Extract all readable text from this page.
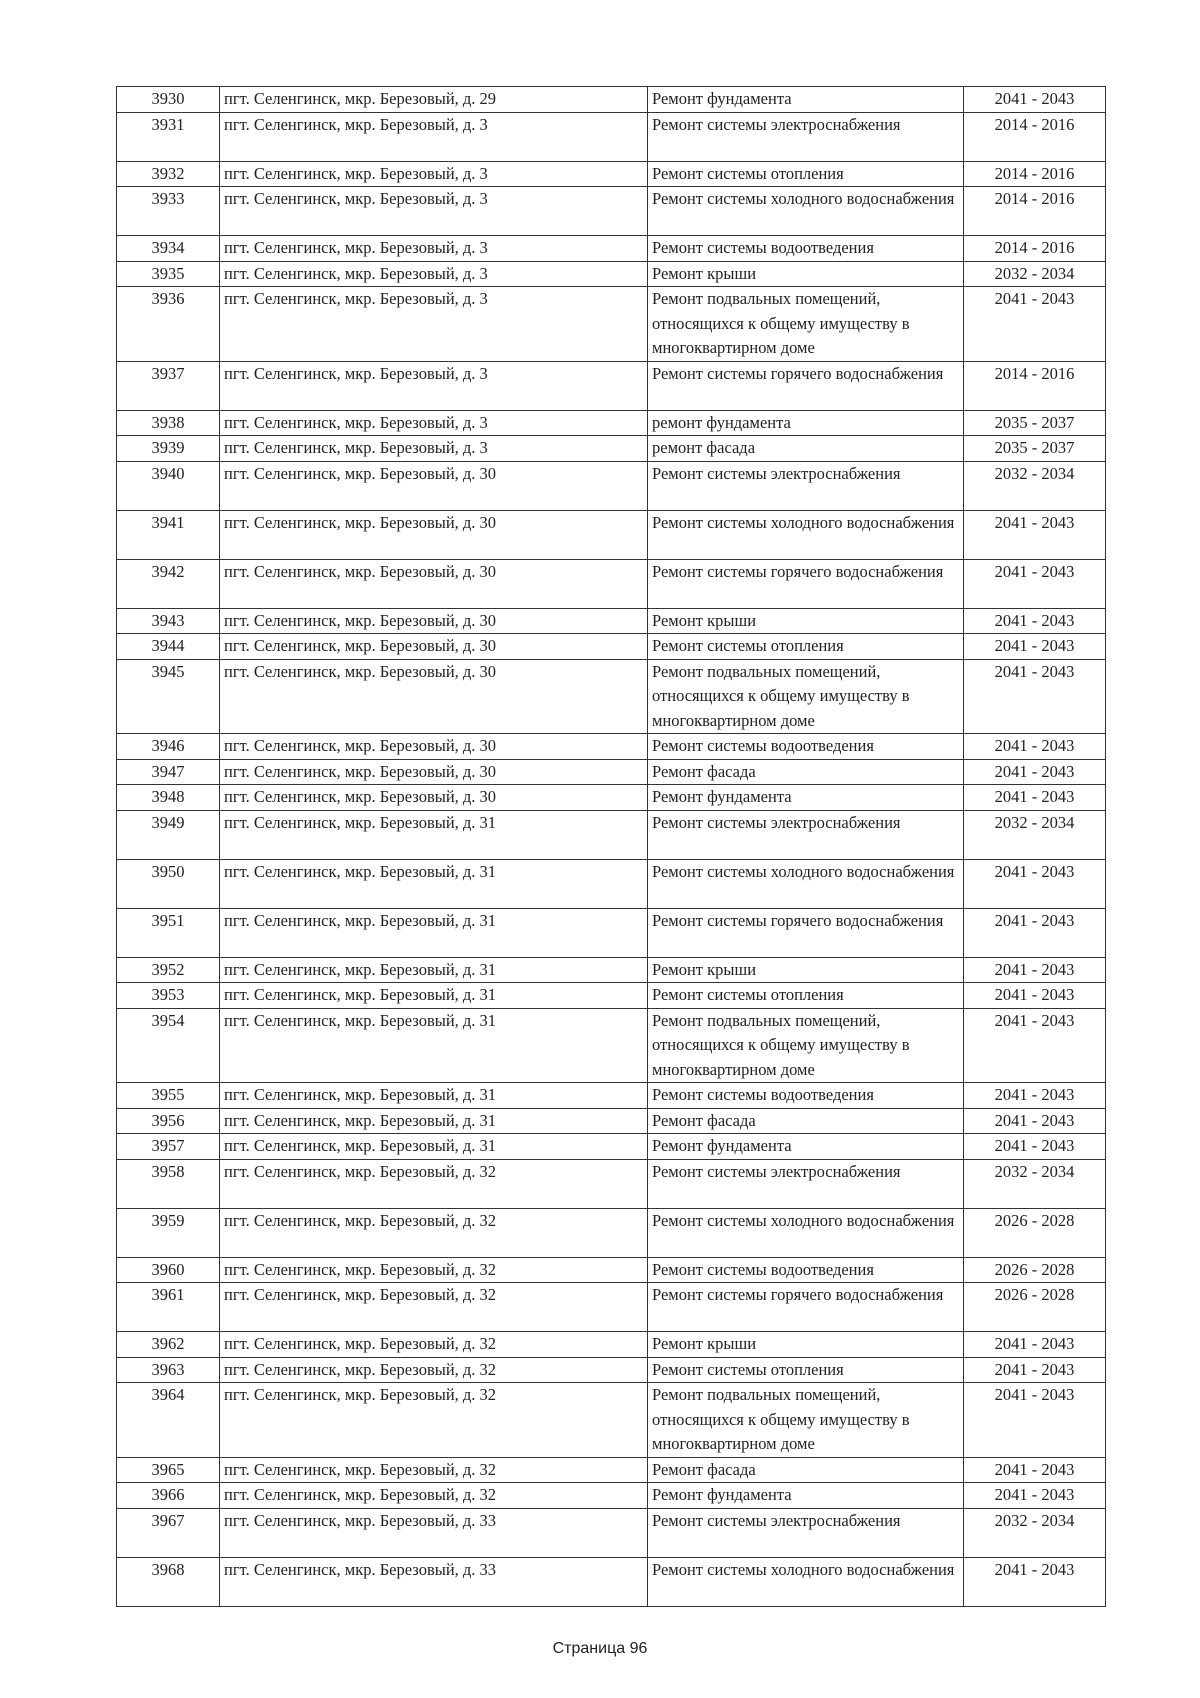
3930	пгт. Селенгинск, мкр. Березовый, д. 29	Ремонт фундамента	2041 - 2043
3931	пгт. Селенгинск, мкр. Березовый, д. 3	Ремонт системы электроснабжения	2014 - 2016
3932	пгт. Селенгинск, мкр. Березовый, д. 3	Ремонт системы отопления	2014 - 2016
3933	пгт. Селенгинск, мкр. Березовый, д. 3	Ремонт системы холодного водоснабжения	2014 - 2016
3934	пгт. Селенгинск, мкр. Березовый, д. 3	Ремонт системы водоотведения	2014 - 2016
3935	пгт. Селенгинск, мкр. Березовый, д. 3	Ремонт крыши	2032 - 2034
3936	пгт. Селенгинск, мкр. Березовый, д. 3	Ремонт подвальных помещений, относящихся к общему имуществу в многоквартирном доме	2041 - 2043
3937	пгт. Селенгинск, мкр. Березовый, д. 3	Ремонт системы горячего водоснабжения	2014 - 2016
3938	пгт. Селенгинск, мкр. Березовый, д. 3	ремонт фундамента	2035 - 2037
3939	пгт. Селенгинск, мкр. Березовый, д. 3	ремонт фасада	2035 - 2037
3940	пгт. Селенгинск, мкр. Березовый, д. 30	Ремонт системы электроснабжения	2032 - 2034
3941	пгт. Селенгинск, мкр. Березовый, д. 30	Ремонт системы холодного водоснабжения	2041 - 2043
3942	пгт. Селенгинск, мкр. Березовый, д. 30	Ремонт системы горячего водоснабжения	2041 - 2043
3943	пгт. Селенгинск, мкр. Березовый, д. 30	Ремонт крыши	2041 - 2043
3944	пгт. Селенгинск, мкр. Березовый, д. 30	Ремонт системы отопления	2041 - 2043
3945	пгт. Селенгинск, мкр. Березовый, д. 30	Ремонт подвальных помещений, относящихся к общему имуществу в многоквартирном доме	2041 - 2043
3946	пгт. Селенгинск, мкр. Березовый, д. 30	Ремонт системы водоотведения	2041 - 2043
3947	пгт. Селенгинск, мкр. Березовый, д. 30	Ремонт фасада	2041 - 2043
3948	пгт. Селенгинск, мкр. Березовый, д. 30	Ремонт фундамента	2041 - 2043
3949	пгт. Селенгинск, мкр. Березовый, д. 31	Ремонт системы электроснабжения	2032 - 2034
3950	пгт. Селенгинск, мкр. Березовый, д. 31	Ремонт системы холодного водоснабжения	2041 - 2043
3951	пгт. Селенгинск, мкр. Березовый, д. 31	Ремонт системы горячего водоснабжения	2041 - 2043
3952	пгт. Селенгинск, мкр. Березовый, д. 31	Ремонт крыши	2041 - 2043
3953	пгт. Селенгинск, мкр. Березовый, д. 31	Ремонт системы отопления	2041 - 2043
3954	пгт. Селенгинск, мкр. Березовый, д. 31	Ремонт подвальных помещений, относящихся к общему имуществу в многоквартирном доме	2041 - 2043
3955	пгт. Селенгинск, мкр. Березовый, д. 31	Ремонт системы водоотведения	2041 - 2043
3956	пгт. Селенгинск, мкр. Березовый, д. 31	Ремонт фасада	2041 - 2043
3957	пгт. Селенгинск, мкр. Березовый, д. 31	Ремонт фундамента	2041 - 2043
3958	пгт. Селенгинск, мкр. Березовый, д. 32	Ремонт системы электроснабжения	2032 - 2034
3959	пгт. Селенгинск, мкр. Березовый, д. 32	Ремонт системы холодного водоснабжения	2026 - 2028
3960	пгт. Селенгинск, мкр. Березовый, д. 32	Ремонт системы водоотведения	2026 - 2028
3961	пгт. Селенгинск, мкр. Березовый, д. 32	Ремонт системы горячего водоснабжения	2026 - 2028
3962	пгт. Селенгинск, мкр. Березовый, д. 32	Ремонт крыши	2041 - 2043
3963	пгт. Селенгинск, мкр. Березовый, д. 32	Ремонт системы отопления	2041 - 2043
3964	пгт. Селенгинск, мкр. Березовый, д. 32	Ремонт подвальных помещений, относящихся к общему имуществу в многоквартирном доме	2041 - 2043
3965	пгт. Селенгинск, мкр. Березовый, д. 32	Ремонт фасада	2041 - 2043
3966	пгт. Селенгинск, мкр. Березовый, д. 32	Ремонт фундамента	2041 - 2043
3967	пгт. Селенгинск, мкр. Березовый, д. 33	Ремонт системы электроснабжения	2032 - 2034
3968	пгт. Селенгинск, мкр. Березовый, д. 33	Ремонт системы холодного водоснабжения	2041 - 2043
Страница 96
